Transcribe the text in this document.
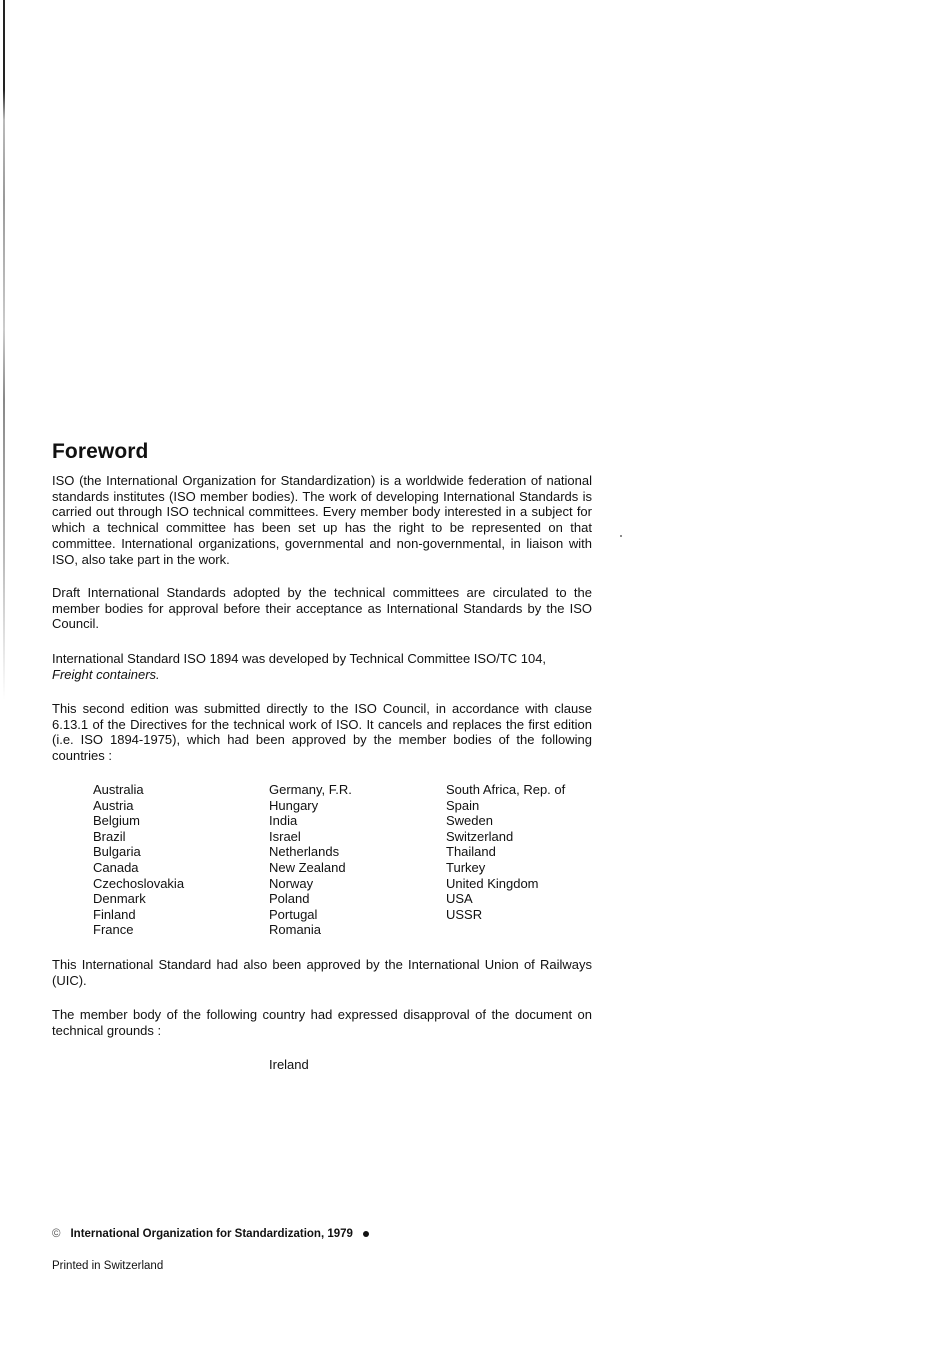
Foreword

ISO (the International Organization for Standardization) is a worldwide federation of national standards institutes (ISO member bodies). The work of developing International Standards is carried out through ISO technical committees. Every member body interested in a subject for which a technical committee has been set up has the right to be represented on that committee. International organizations, governmental and non-governmental, in liaison with ISO, also take part in the work.

Draft International Standards adopted by the technical committees are circulated to the member bodies for approval before their acceptance as International Standards by the ISO Council.

International Standard ISO 1894 was developed by Technical Committee ISO/TC 104,
Freight containers.

This second edition was submitted directly to the ISO Council, in accordance with clause 6.13.1 of the Directives for the technical work of ISO. It cancels and replaces the first edition (i.e. ISO 1894-1975), which had been approved by the member bodies of the following countries :

Australia
Austria
Belgium
Brazil
Bulgaria
Canada
Czechoslovakia
Denmark
Finland
France
Germany, F.R.
Hungary
India
Israel
Netherlands
New Zealand
Norway
Poland
Portugal
Romania
South Africa, Rep. of
Spain
Sweden
Switzerland
Thailand
Turkey
United Kingdom
USA
USSR

This International Standard had also been approved by the International Union of Railways (UIC).

The member body of the following country had expressed disapproval of the document on technical grounds :

Ireland
© International Organization for Standardization, 1979
Printed in Switzerland
